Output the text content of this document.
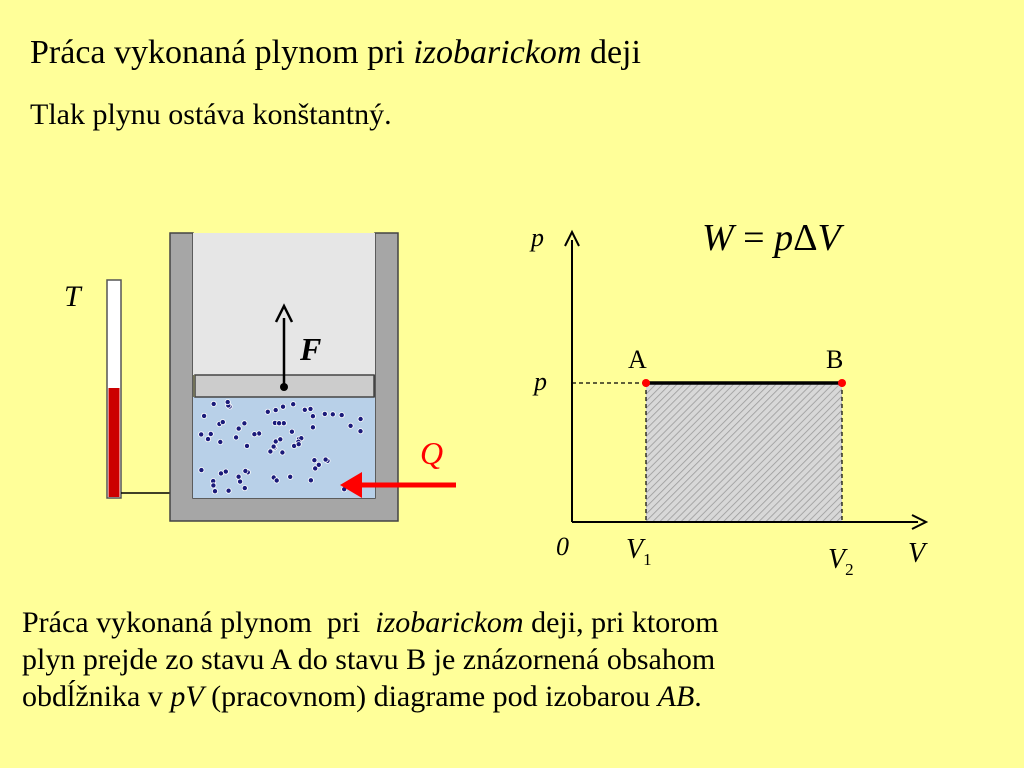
Práca vykonaná plynom pri izobarickom deji
Tlak plynu ostáva konštantný.
T
F
Q
p
p
A	B
0	V
$V_1$	$V_2$
W = pΔV
Práca vykonaná plynom  pri  izobarickom deji, pri ktorom
plyn prejde zo stavu A do stavu B je znázornená obsahom
obdĺžnika v pV (pracovnom) diagrame pod izobarou AB.
